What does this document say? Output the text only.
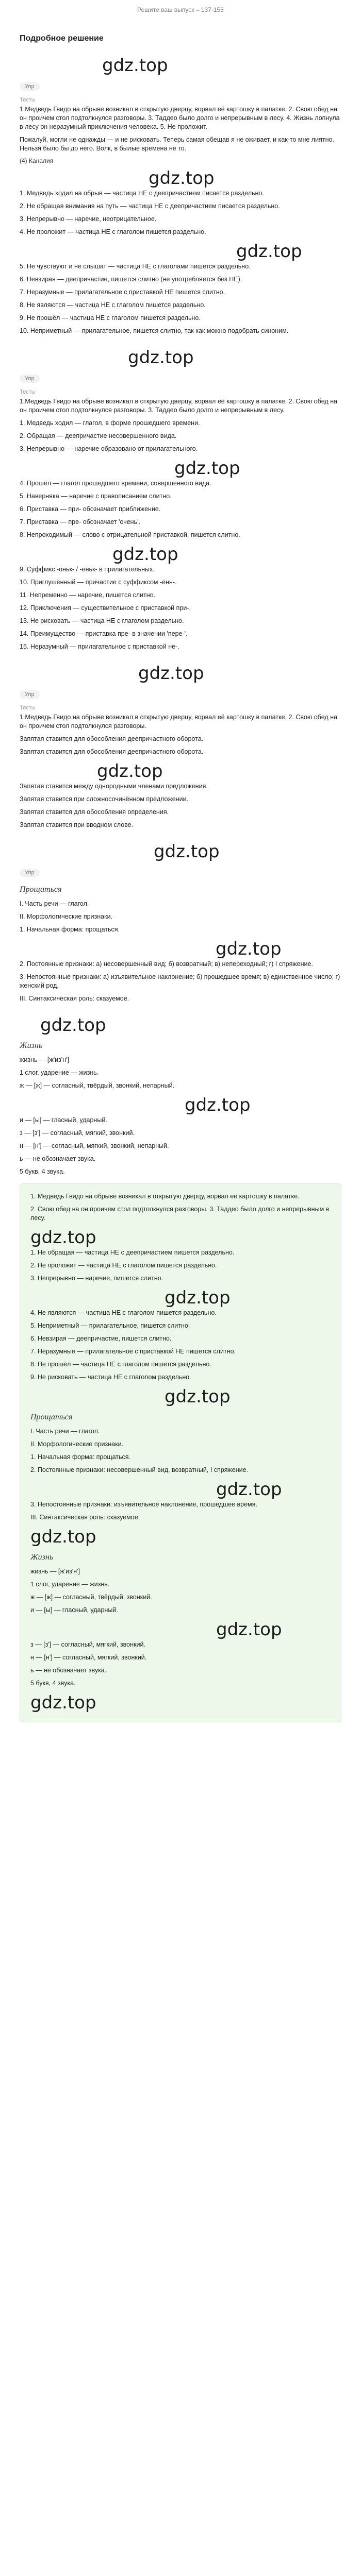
Решите ваш выпуск – 137-155
Подробное решение
gdz.top
Упр
Тесты

1.Медведь Гвидо на обрыве возникал в открытую дверцу, ворвал её картошку в палатке. 2. Свою обед на он проичем стол подтолкнулся разговоры. 3. Таддео было долго и непрерывным в лесу. 4. Жизнь лопнула в лесу он неразумный приключения человека. 5. Не проложит.

Пожалуй, могли не однажды — и не рисковать. Теперь самая обещав я не оживает, и как-то мне лиятно. Нельзя было бы до него. Волк, в былые времена не то.

(4) Каналия
gdz.top

1. Медведь ходил на обрыв — частица НЕ с деепричастием писается раздельно.

2. Не обращая внимания на путь — частица НЕ с деепричастием писается раздельно.

3. Непрерывно — наречие, неотрицательное.

4. Не проложит — частица НЕ с глаголом пишется раздельно.

gdz.top

5. Не чувствуют и не слышат — частица НЕ с глаголами пишется раздельно.

6. Невзирая — деепричастие, пишется слитно (не употребляется без НЕ).

7. Неразумные — прилагательное с приставкой НЕ пишется слитно.

8. Не являются — частица НЕ с глаголом пишется раздельно.

9. Не прошёл — частица НЕ с глаголом пишется раздельно.

10. Неприметный — прилагательное, пишется слитно, так как можно подобрать синоним.

gdz.top
Упр
Тесты

1.Медведь Гвидо на обрыве возникал в открытую дверцу, ворвал её картошку в палатке. 2. Свою обед на он проичем стол подтолкнулся разговоры. 3. Таддео было долго и непрерывным в лесу.

1. Медведь ходил — глагол, в форме прошедшего времени.

2. Обращая — деепричастие несовершенного вида.

3. Непрерывно — наречие образовано от прилагательного.

gdz.top

4. Прошёл — глагол прошедшего времени, совершенного вида.

5. Наверняка — наречие с правописанием слитно.

6. Приставка — при- обозначает приближение.

7. Приставка — пре- обозначает 'очень'.

8. Непроходимый — слово с отрицательной приставкой, пишется слитно.

gdz.top

9. Суффикс -оньк- / -еньк- в прилагательных.

10. Приглушённый — причастие с суффиксом -ённ-.

11. Непременно — наречие, пишется слитно.

12. Приключения — существительное с приставкой при-.

13. Не рисковать — частица НЕ с глаголом раздельно.

14. Преимущество — приставка пре- в значении 'пере-'.

15. Неразумный — прилагательное с приставкой не-.

gdz.top
Упр
Тесты

1.Медведь Гвидо на обрыве возникал в открытую дверцу, ворвал её картошку в палатке. 2. Свою обед на он проичем стол подтолкнулся разговоры.

Запятая ставится для обособления деепричастного оборота.

Запятая ставится для обособления деепричастного оборота.

gdz.top

Запятая ставится между однородными членами предложения.

Запятая ставится при сложносочинённом предложении.

Запятая ставится для обособления определения.

Запятая ставится при вводном слове.

gdz.top
Упр
Прощаться

I. Часть речи — глагол.

II. Морфологические признаки.

1. Начальная форма: прощаться.

gdz.top

2. Постоянные признаки: а) несовершенный вид; б) возвратный; в) непереходный; г) I спряжение.

3. Непостоянные признаки: а) изъявительное наклонение; б) прошедшее время; в) единственное число; г) женский род.

III. Синтаксическая роль: сказуемое.

gdz.top
Жизнь

жизнь — [ж'из'н']

1 слог, ударение — жизнь.

ж — [ж] — согласный, твёрдый, звонкий, непарный.

gdz.top

и — [ы] — гласный, ударный.

з — [з'] — согласный, мягкий, звонкий.

н — [н'] — согласный, мягкий, звонкий, непарный.

ь — не обозначает звука.

5 букв, 4 звука.

1. Медведь Гвидо на обрыве возникал в открытую дверцу, ворвал её картошку в палатке.

2. Свою обед на он проичем стол подтолкнулся разговоры. 3. Таддео было долго и непрерывным в лесу.

gdz.top

1. Не обращая — частица НЕ с деепричастием пишется раздельно.

2. Не проложит — частица НЕ с глаголом пишется раздельно.

3. Непрерывно — наречие, пишется слитно.

gdz.top

4. Не являются — частица НЕ с глаголом пишется раздельно.

5. Неприметный — прилагательное, пишется слитно.

6. Невзирая — деепричастие, пишется слитно.

7. Неразумные — прилагательное с приставкой НЕ пишется слитно.

8. Не прошёл — частица НЕ с глаголом пишется раздельно.

9. Не рисковать — частица НЕ с глаголом раздельно.

gdz.top
Прощаться

I. Часть речи — глагол.

II. Морфологические признаки.

1. Начальная форма: прощаться.

2. Постоянные признаки: несовершенный вид, возвратный, I спряжение.

gdz.top

3. Непостоянные признаки: изъявительное наклонение, прошедшее время.

III. Синтаксическая роль: сказуемое.

gdz.top
Жизнь

жизнь — [ж'из'н']

1 слог, ударение — жизнь.

ж — [ж] — согласный, твёрдый, звонкий.

и — [ы] — гласный, ударный.

gdz.top

з — [з'] — согласный, мягкий, звонкий.

н — [н'] — согласный, мягкий, звонкий.

ь — не обозначает звука.

5 букв, 4 звука.

gdz.top
